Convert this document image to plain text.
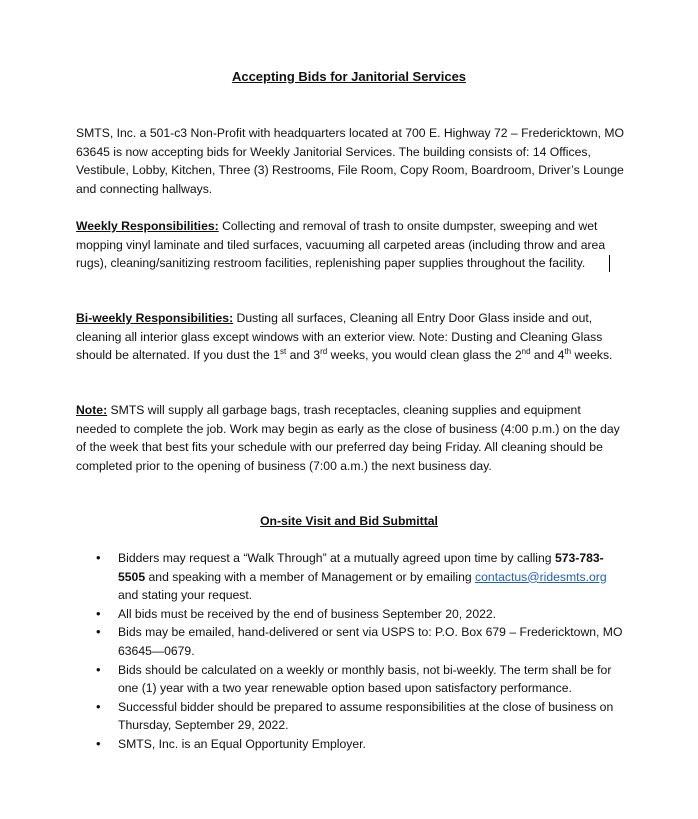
Accepting Bids for Janitorial Services
SMTS, Inc. a 501-c3 Non-Profit with headquarters located at 700 E. Highway 72 – Fredericktown, MO 63645 is now accepting bids for Weekly Janitorial Services. The building consists of: 14 Offices, Vestibule, Lobby, Kitchen, Three (3) Restrooms, File Room, Copy Room, Boardroom, Driver’s Lounge and connecting hallways.
Weekly Responsibilities: Collecting and removal of trash to onsite dumpster, sweeping and wet mopping vinyl laminate and tiled surfaces, vacuuming all carpeted areas (including throw and area rugs), cleaning/sanitizing restroom facilities, replenishing paper supplies throughout the facility.
Bi-weekly Responsibilities: Dusting all surfaces, Cleaning all Entry Door Glass inside and out, cleaning all interior glass except windows with an exterior view. Note: Dusting and Cleaning Glass should be alternated. If you dust the 1st and 3rd weeks, you would clean glass the 2nd and 4th weeks.
Note: SMTS will supply all garbage bags, trash receptacles, cleaning supplies and equipment needed to complete the job. Work may begin as early as the close of business (4:00 p.m.) on the day of the week that best fits your schedule with our preferred day being Friday. All cleaning should be completed prior to the opening of business (7:00 a.m.) the next business day.
On-site Visit and Bid Submittal
• Bidders may request a “Walk Through” at a mutually agreed upon time by calling 573-783-5505 and speaking with a member of Management or by emailing contactus@ridesmts.org and stating your request.
• All bids must be received by the end of business September 20, 2022.
• Bids may be emailed, hand-delivered or sent via USPS to: P.O. Box 679 – Fredericktown, MO 63645—0679.
• Bids should be calculated on a weekly or monthly basis, not bi-weekly. The term shall be for one (1) year with a two year renewable option based upon satisfactory performance.
• Successful bidder should be prepared to assume responsibilities at the close of business on Thursday, September 29, 2022.
• SMTS, Inc. is an Equal Opportunity Employer.
